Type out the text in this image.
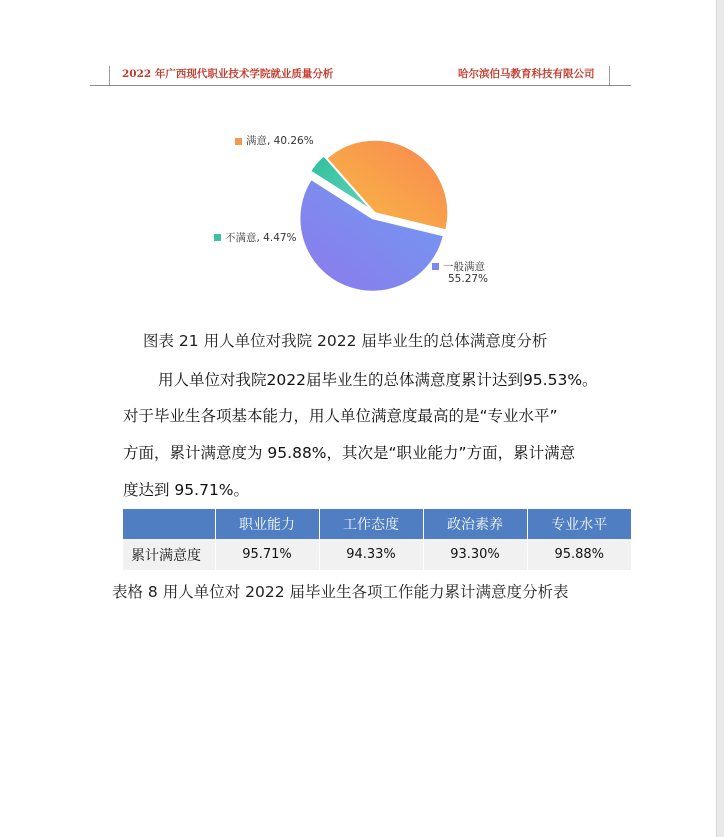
2022 年广西现代职业技术学院就业质量分析	哈尔滨伯马教育科技有限公司
满意, 40.26%
不满意, 4.47%
一般满意
55.27%
图表 21 用人单位对我院 2022 届毕业生的总体满意度分析
用人单位对我院2022届毕业生的总体满意度累计达到95.53%。
对于毕业生各项基本能力，用人单位满意度最高的是“专业水平”
方面，累计满意度为 95.88%，其次是“职业能力”方面，累计满意
度达到 95.71%。
	职业能力	工作态度	政治素养	专业水平
累计满意度	95.71%	94.33%	93.30%	95.88%
表格 8 用人单位对 2022 届毕业生各项工作能力累计满意度分析表
